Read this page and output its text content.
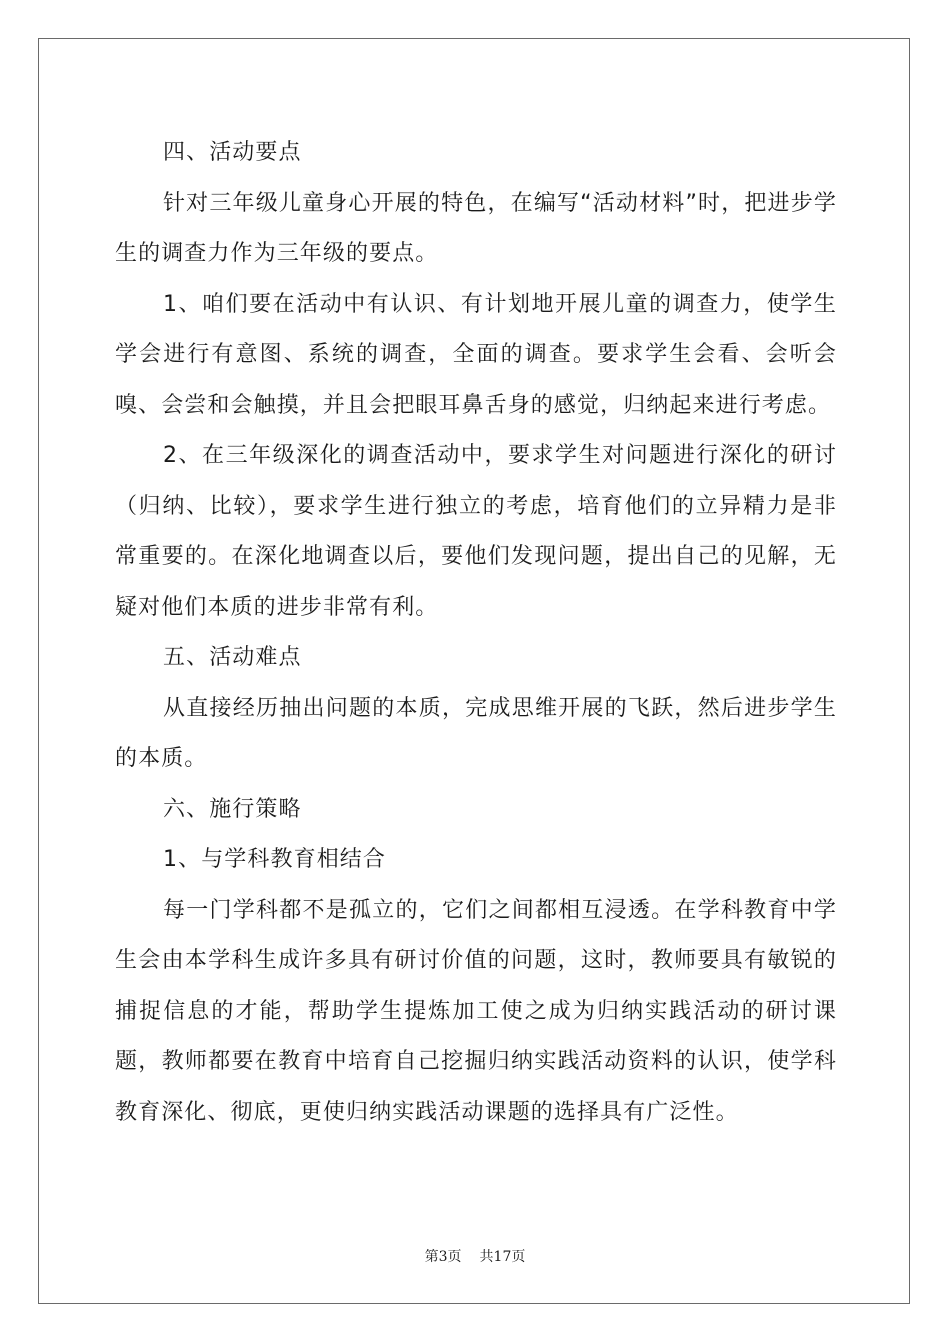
四、活动要点

针对三年级儿童身心开展的特色，在编写“活动材料”时，把进步学生的调查力作为三年级的要点。

1、咱们要在活动中有认识、有计划地开展儿童的调查力，使学生学会进行有意图、系统的调查，全面的调查。要求学生会看、会听会嗅、会尝和会触摸，并且会把眼耳鼻舌身的感觉，归纳起来进行考虑。

2、在三年级深化的调查活动中，要求学生对问题进行深化的研讨（归纳、比较），要求学生进行独立的考虑，培育他们的立异精力是非常重要的。在深化地调查以后，要他们发现问题，提出自己的见解，无疑对他们本质的进步非常有利。

五、活动难点

从直接经历抽出问题的本质，完成思维开展的飞跃，然后进步学生的本质。

六、施行策略

1、与学科教育相结合

每一门学科都不是孤立的，它们之间都相互浸透。在学科教育中学生会由本学科生成许多具有研讨价值的问题，这时，教师要具有敏锐的捕捉信息的才能，帮助学生提炼加工使之成为归纳实践活动的研讨课题，教师都要在教育中培育自己挖掘归纳实践活动资料的认识，使学科教育深化、彻底，更使归纳实践活动课题的选择具有广泛性。

第3页 共17页
